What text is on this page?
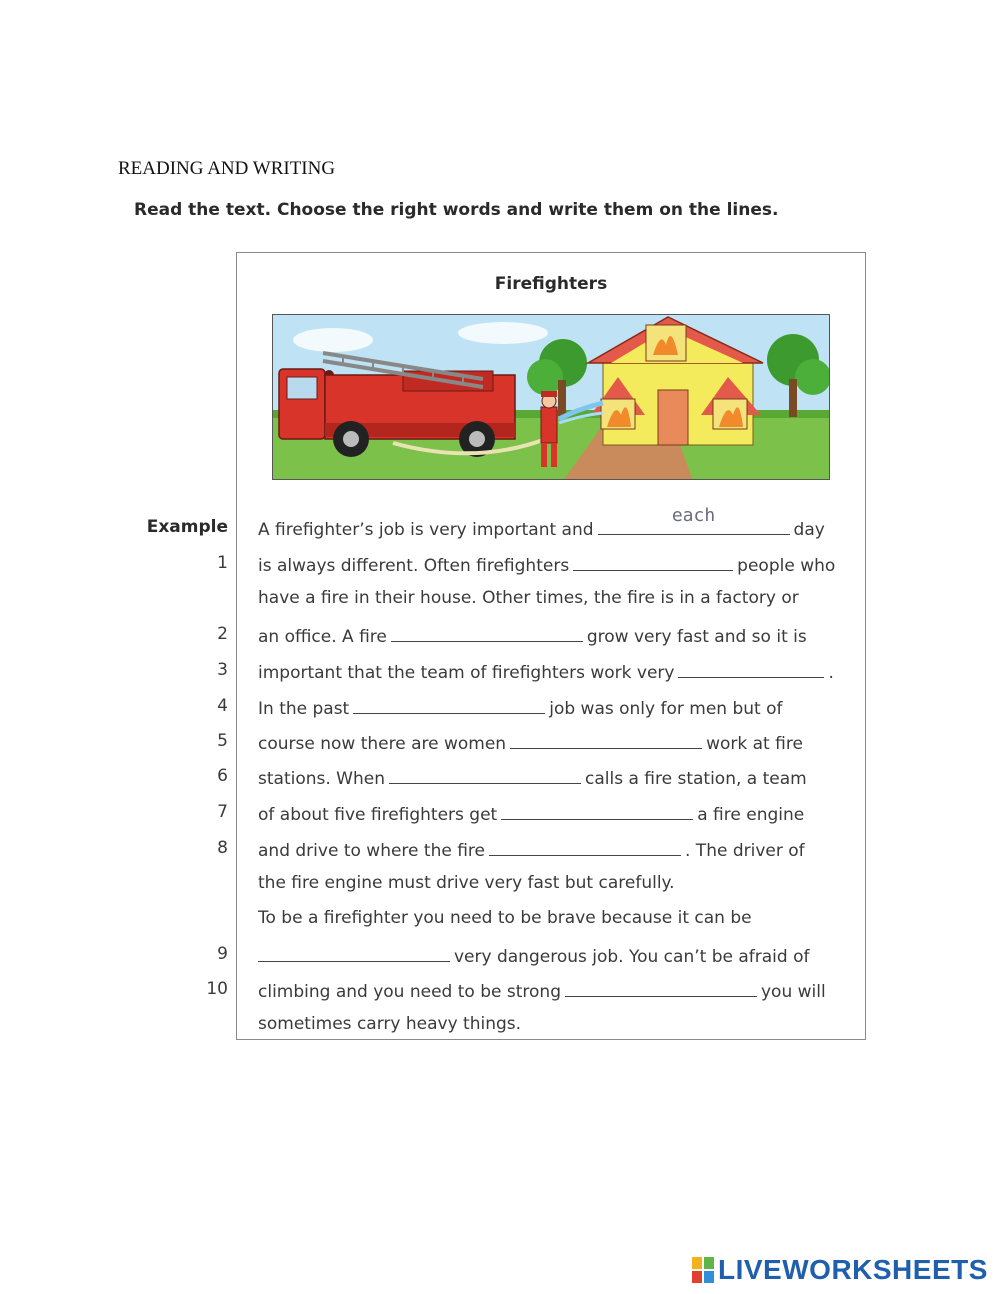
READING AND WRITING
Read the text. Choose the right words and write them on the lines.
Firefighters
Example
1
2
3
4
5
6
7
8
9
10
A firefighter’s job is very important and
each
day
is always different. Often firefighters	people who
have a fire in their house. Other times, the fire is in a factory or
an office. A fire	grow very fast and so it is
important that the team of firefighters work very	.
In the past	job was only for men but of
course now there are women	work at fire
stations. When	calls a fire station, a team
of about five firefighters get	a fire engine
and drive to where the fire	. The driver of
the fire engine must drive very fast but carefully.
To be a firefighter you need to be brave because it can be
very dangerous job. You can’t be afraid of
climbing and you need to be strong	you will
sometimes carry heavy things.
LIVEWORKSHEETS
